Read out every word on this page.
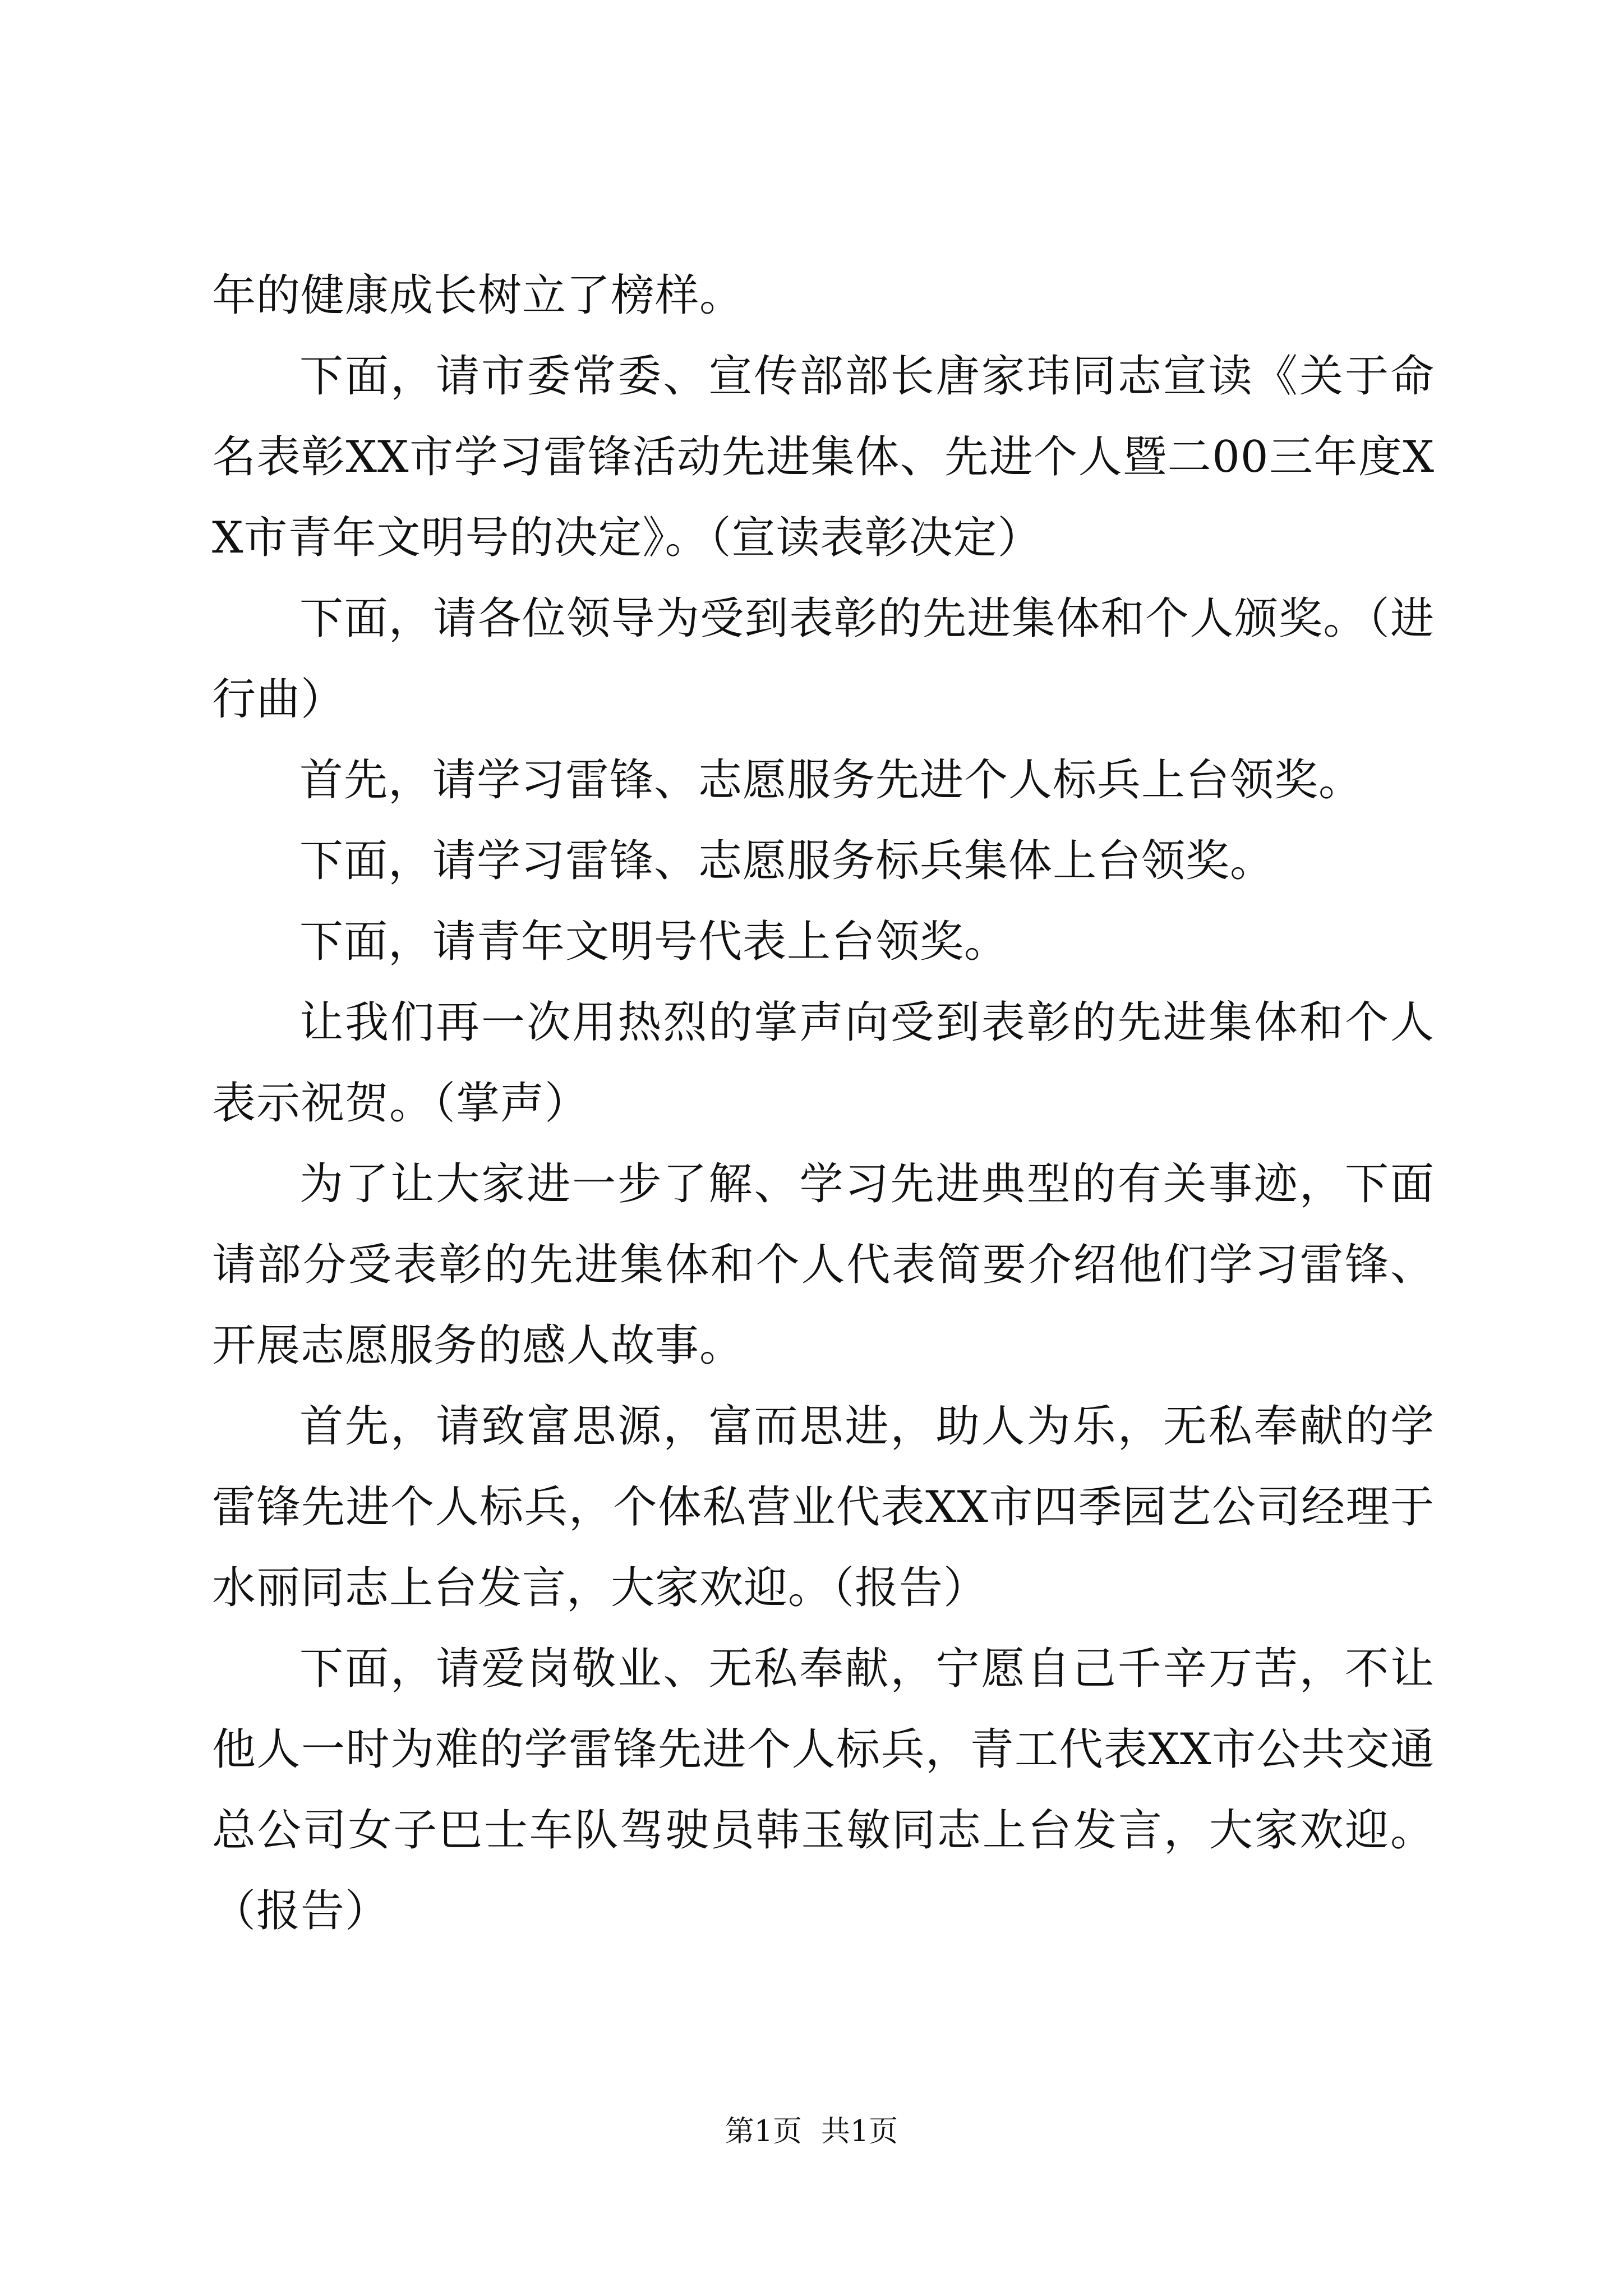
年的健康成长树立了榜样。

下面，请市委常委、宣传部部长唐家玮同志宣读《关于命名表彰XX市学习雷锋活动先进集体、先进个人暨二00三年度XX市青年文明号的决定》。（宣读表彰决定）

下面，请各位领导为受到表彰的先进集体和个人颁奖。（进行曲）

首先，请学习雷锋、志愿服务先进个人标兵上台领奖。

下面，请学习雷锋、志愿服务标兵集体上台领奖。

下面，请青年文明号代表上台领奖。

让我们再一次用热烈的掌声向受到表彰的先进集体和个人表示祝贺。（掌声）

为了让大家进一步了解、学习先进典型的有关事迹，下面请部分受表彰的先进集体和个人代表简要介绍他们学习雷锋、开展志愿服务的感人故事。

首先，请致富思源，富而思进，助人为乐，无私奉献的学雷锋先进个人标兵，个体私营业代表XX市四季园艺公司经理于水丽同志上台发言，大家欢迎。（报告）

下面，请爱岗敬业、无私奉献，宁愿自己千辛万苦，不让他人一时为难的学雷锋先进个人标兵，青工代表XX市公共交通总公司女子巴士车队驾驶员韩玉敏同志上台发言，大家欢迎。（报告）

第1页 共1页
